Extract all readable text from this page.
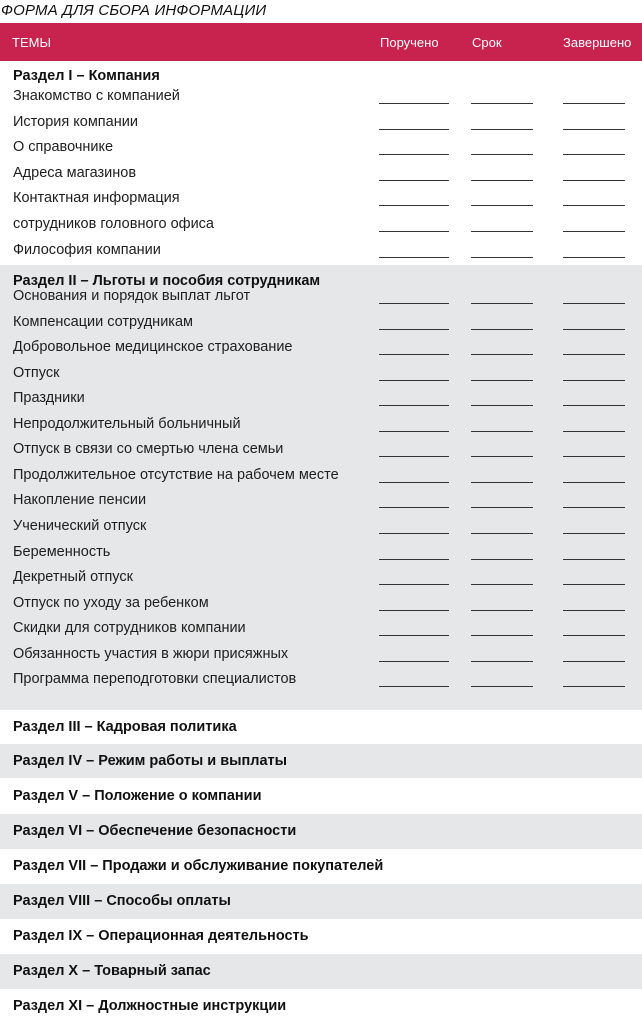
ФОРМА ДЛЯ СБОРА ИНФОРМАЦИИ
ТЕМЫ	Поручено	Срок	Завершено
Раздел I – Компания
Знакомство с компанией
История компании
О справочнике
Адреса магазинов
Контактная информация
сотрудников головного офиса
Философия компании
Раздел II – Льготы и пособия сотрудникам
Основания и порядок выплат льгот
Компенсации сотрудникам
Добровольное медицинское страхование
Отпуск
Праздники
Непродолжительный больничный
Отпуск в связи со смертью члена семьи
Продолжительное отсутствие на рабочем месте
Накопление пенсии
Ученический отпуск
Беременность
Декретный отпуск
Отпуск по уходу за ребенком
Скидки для сотрудников компании
Обязанность участия в жюри присяжных
Программа переподготовки специалистов
Раздел III – Кадровая политика
Раздел IV – Режим работы и выплаты
Раздел V – Положение о компании
Раздел VI – Обеспечение безопасности
Раздел VII – Продажи и обслуживание покупателей
Раздел VIII – Способы оплаты
Раздел IX – Операционная деятельность
Раздел X – Товарный запас
Раздел XI – Должностные инструкции
